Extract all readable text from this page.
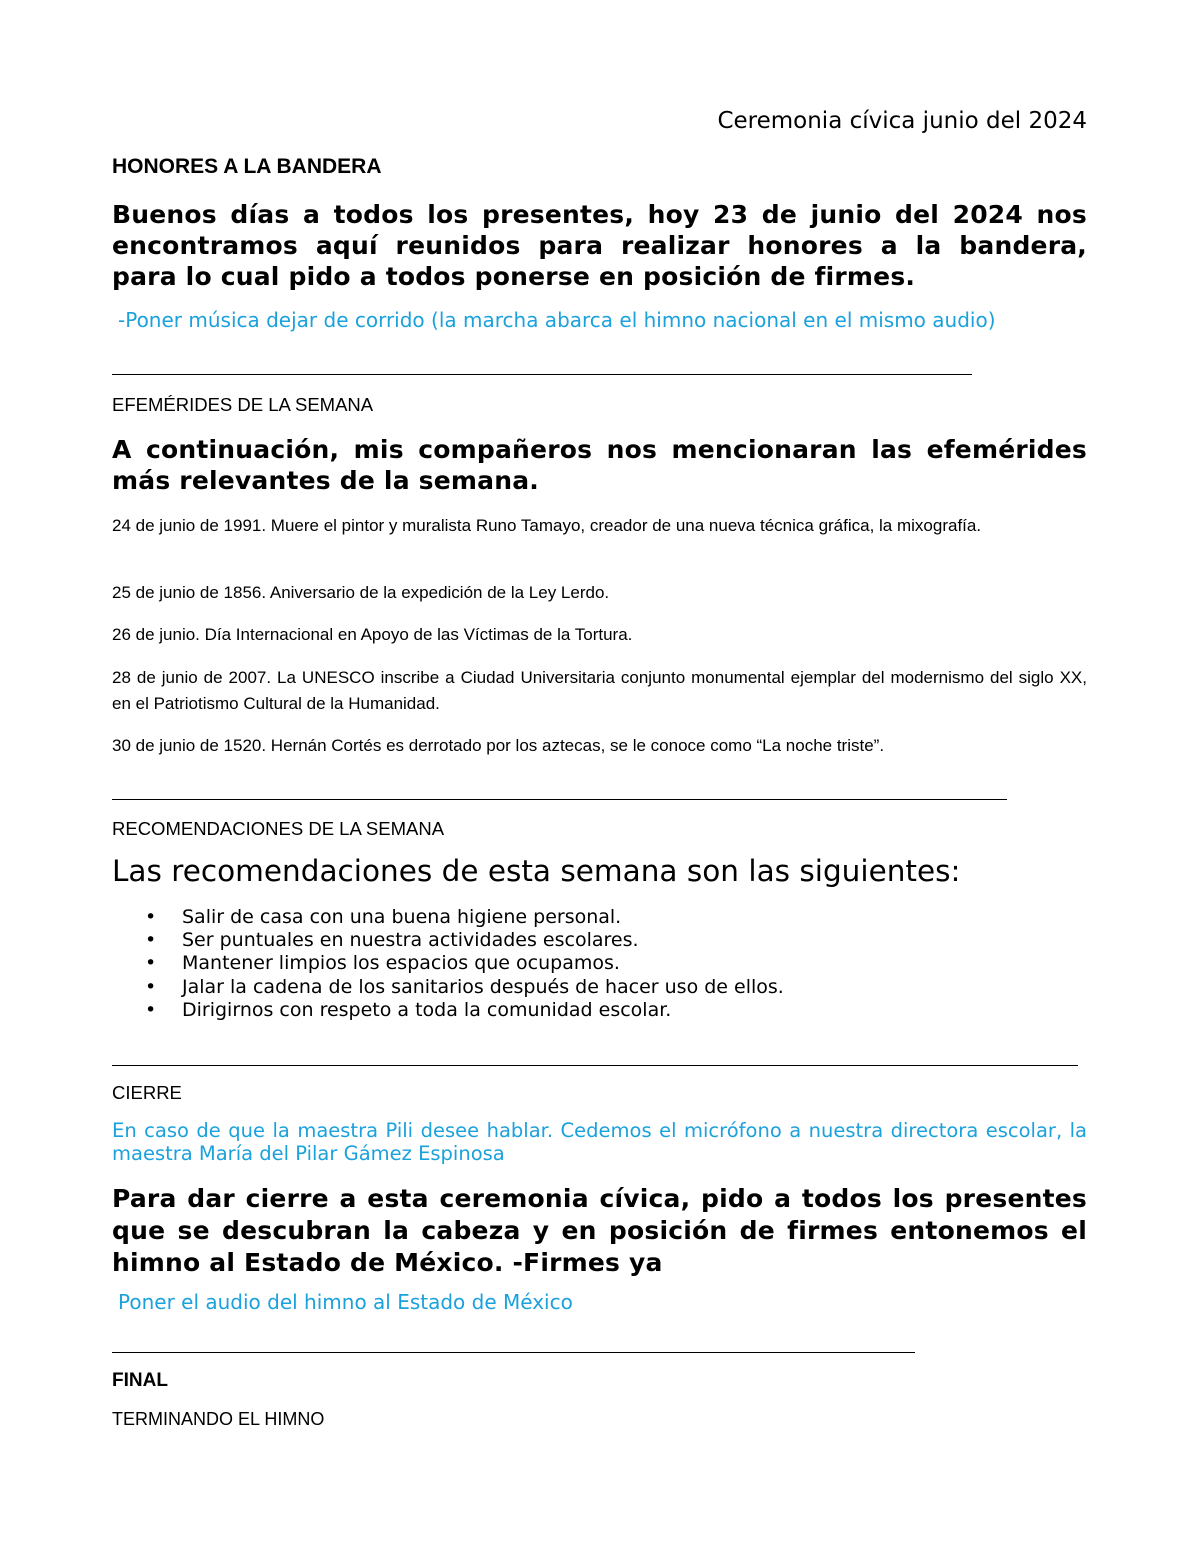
Ceremonia cívica junio del 2024

HONORES A LA BANDERA

Buenos días a todos los presentes, hoy 23 de junio del 2024 nos encontramos aquí reunidos para realizar honores a la bandera, para lo cual pido a todos ponerse en posición de firmes.

-Poner música dejar de corrido (la marcha abarca el himno nacional en el mismo audio)

EFEMÉRIDES DE LA SEMANA

A continuación, mis compañeros nos mencionaran las efemérides más relevantes de la semana.

24 de junio de 1991. Muere el pintor y muralista Runo Tamayo, creador de una nueva técnica gráfica, la mixografía.

25 de junio de 1856. Aniversario de la expedición de la Ley Lerdo.

26 de junio. Día Internacional en Apoyo de las Víctimas de la Tortura.

28 de junio de 2007. La UNESCO inscribe a Ciudad Universitaria conjunto monumental ejemplar del modernismo del siglo XX, en el Patriotismo Cultural de la Humanidad.

30 de junio de 1520. Hernán Cortés es derrotado por los aztecas, se le conoce como “La noche triste”.

RECOMENDACIONES DE LA SEMANA

Las recomendaciones de esta semana son las siguientes:

• Salir de casa con una buena higiene personal.
• Ser puntuales en nuestra actividades escolares.
• Mantener limpios los espacios que ocupamos.
• Jalar la cadena de los sanitarios después de hacer uso de ellos.
• Dirigirnos con respeto a toda la comunidad escolar.

CIERRE

En caso de que la maestra Pili desee hablar. Cedemos el micrófono a nuestra directora escolar, la maestra María del Pilar Gámez Espinosa

Para dar cierre a esta ceremonia cívica, pido a todos los presentes que se descubran la cabeza y en posición de firmes entonemos el himno al Estado de México. -Firmes ya

Poner el audio del himno al Estado de México

FINAL

TERMINANDO EL HIMNO
